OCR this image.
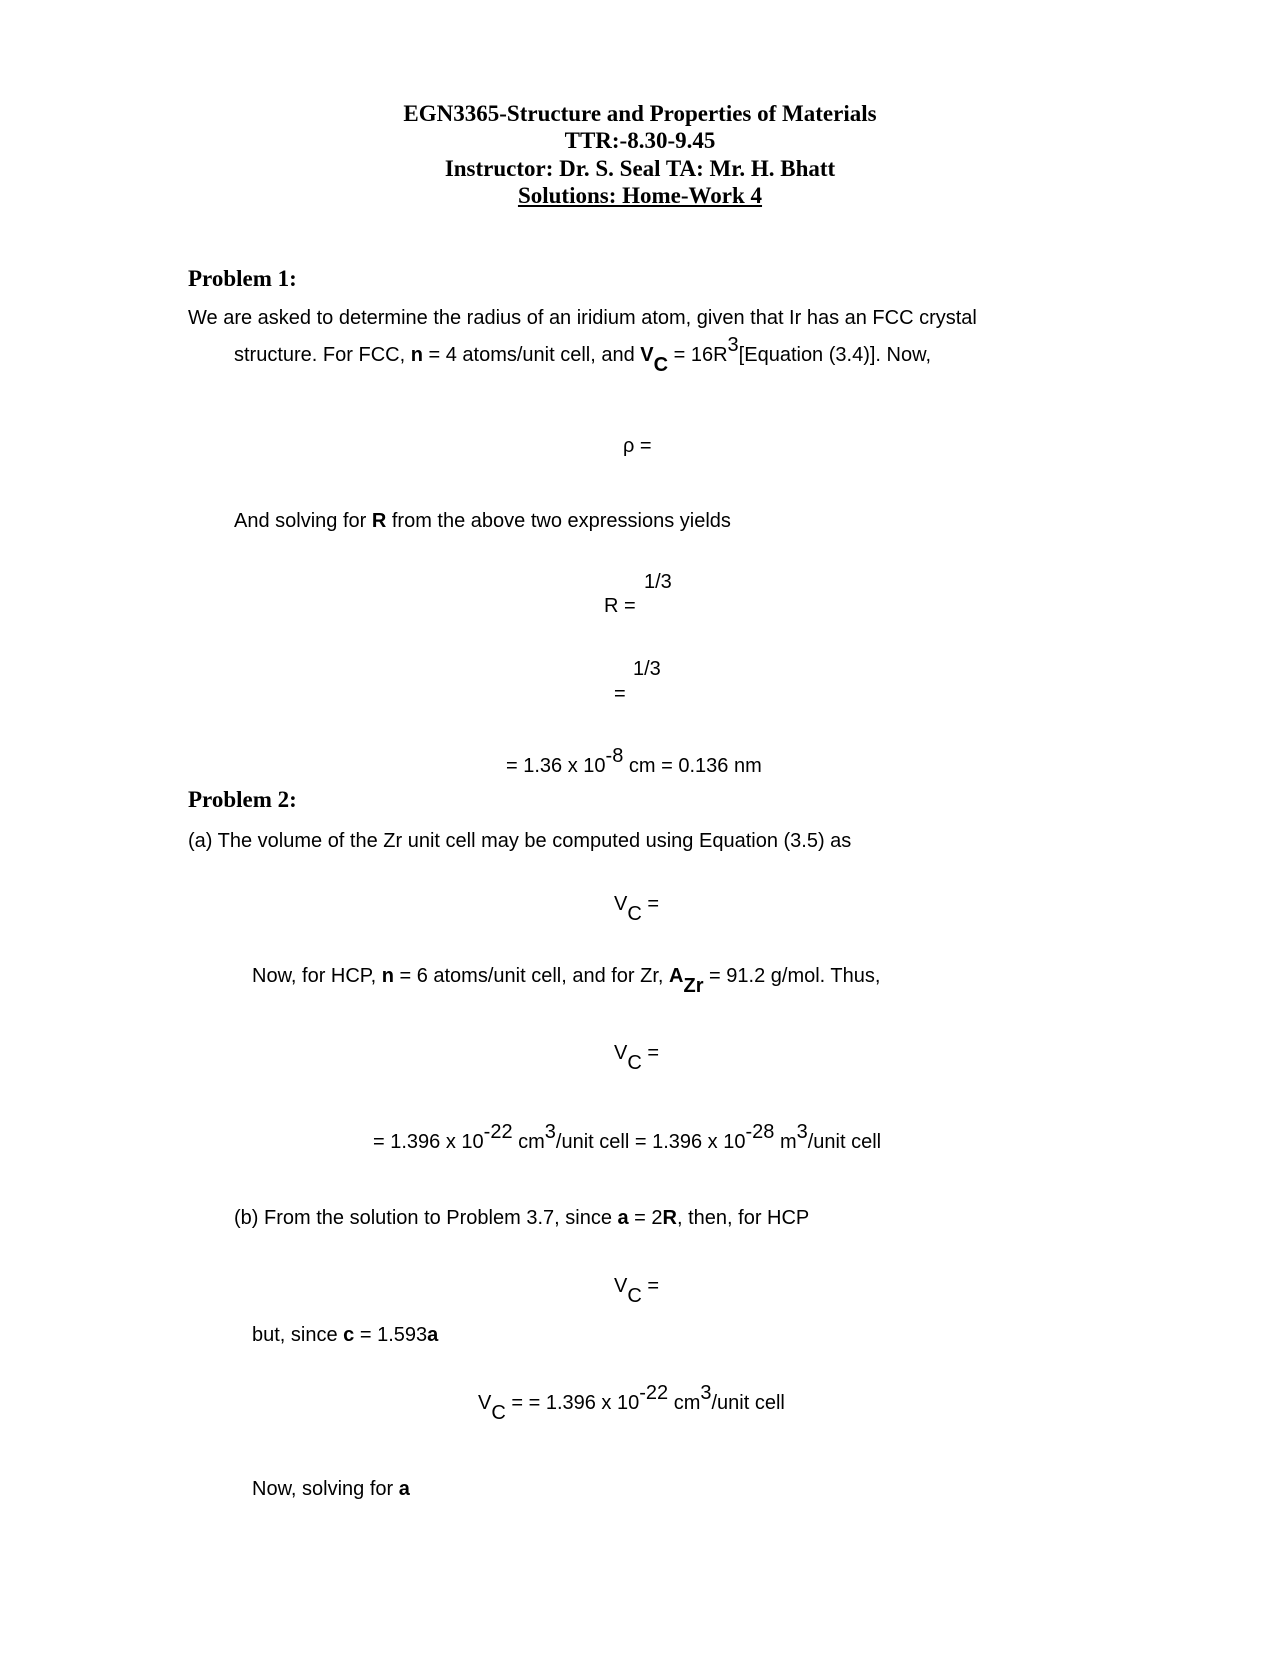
EGN3365-Structure and Properties of Materials
TTR:-8.30-9.45
Instructor: Dr. S. Seal TA: Mr. H. Bhatt
Solutions: Home-Work 4
Problem 1:
We are asked to determine the radius of an iridium atom, given that Ir has an FCC crystal
structure. For FCC, n = 4 atoms/unit cell, and VC = 16R3[Equation (3.4)]. Now,
ρ =
And solving for R from the above two expressions yields
1/3
R =
1/3
=
= 1.36 x 10-8 cm = 0.136 nm
Problem 2:
(a) The volume of the Zr unit cell may be computed using Equation (3.5) as
VC =
Now, for HCP, n = 6 atoms/unit cell, and for Zr, AZr = 91.2 g/mol. Thus,
VC =
= 1.396 x 10-22 cm3/unit cell = 1.396 x 10-28 m3/unit cell
(b) From the solution to Problem 3.7, since a = 2R, then, for HCP
VC =
but, since c = 1.593a
VC = = 1.396 x 10-22 cm3/unit cell
Now, solving for a
